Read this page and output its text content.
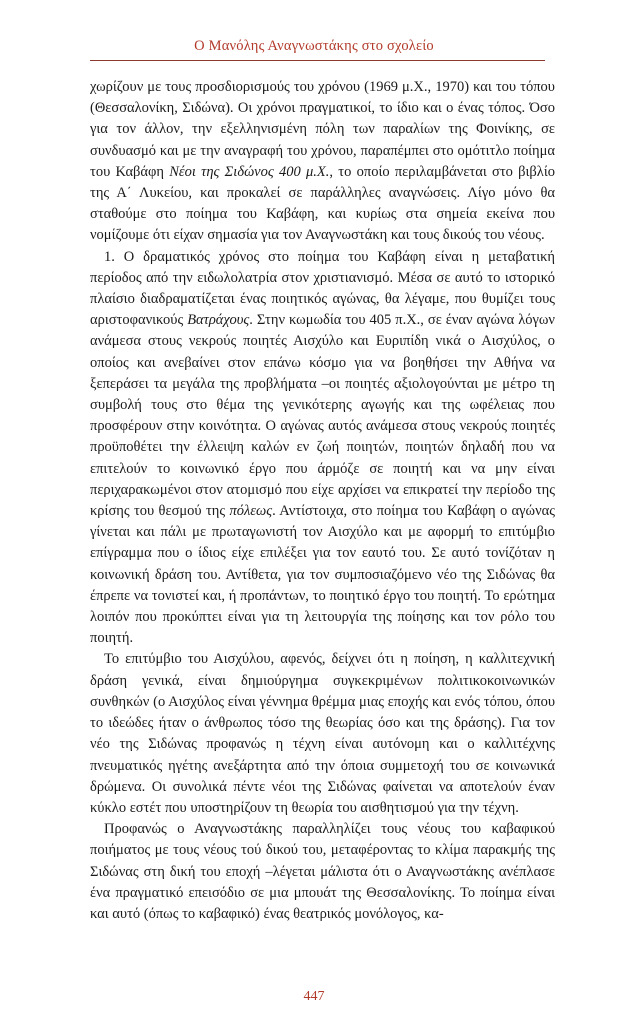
Ο Μανόλης Αναγνωστάκης στο σχολείο

χωρίζουν με τους προσδιορισμούς του χρόνου (1969 μ.Χ., 1970) και του τόπου (Θεσσαλονίκη, Σιδώνα). Οι χρόνοι πραγματικοί, το ίδιο και ο ένας τόπος. Όσο για τον άλλον, την εξελληνισμένη πόλη των παραλίων της Φοινίκης, σε συνδυασμό και με την αναγραφή του χρόνου, παραπέμπει στο ομότιτλο ποίημα του Καβάφη Νέοι της Σιδώνος 400 μ.Χ., το οποίο περιλαμβάνεται στο βιβλίο της Α΄ Λυκείου, και προκαλεί σε παράλληλες αναγνώσεις. Λίγο μόνο θα σταθούμε στο ποίημα του Καβάφη, και κυρίως στα σημεία εκείνα που νομίζουμε ότι είχαν σημασία για τον Αναγνωστάκη και τους δικούς του νέους.

1. Ο δραματικός χρόνος στο ποίημα του Καβάφη είναι η μεταβατική περίοδος από την ειδωλολατρία στον χριστιανισμό. Μέσα σε αυτό το ιστορικό πλαίσιο διαδραματίζεται ένας ποιητικός αγώνας, θα λέγαμε, που θυμίζει τους αριστοφανικούς Βατράχους. Στην κωμωδία του 405 π.Χ., σε έναν αγώνα λόγων ανάμεσα στους νεκρούς ποιητές Αισχύλο και Ευριπίδη νικά ο Αισχύλος, ο οποίος και ανεβαίνει στον επάνω κόσμο για να βοηθήσει την Αθήνα να ξεπεράσει τα μεγάλα της προβλήματα –οι ποιητές αξιολογούνται με μέτρο τη συμβολή τους στο θέμα της γενικότερης αγωγής και της ωφέλειας που προσφέρουν στην κοινότητα. Ο αγώνας αυτός ανάμεσα στους νεκρούς ποιητές προϋποθέτει την έλλειψη καλών εν ζωή ποιητών, ποιητών δηλαδή που να επιτελούν το κοινωνικό έργο που άρμόζε σε ποιητή και να μην είναι περιχαρακωμένοι στον ατομισμό που είχε αρχίσει να επικρατεί την περίοδο της κρίσης του θεσμού της πόλεως. Αντίστοιχα, στο ποίημα του Καβάφη ο αγώνας γίνεται και πάλι με πρωταγωνιστή τον Αισχύλο και με αφορμή το επιτύμβιο επίγραμμα που ο ίδιος είχε επιλέξει για τον εαυτό του. Σε αυτό τονίζόταν η κοινωνική δράση του. Αντίθετα, για τον συμποσιαζόμενο νέο της Σιδώνας θα έπρεπε να τονιστεί και, ή προπάντων, το ποιητικό έργο του ποιητή. Το ερώτημα λοιπόν που προκύπτει είναι για τη λειτουργία της ποίησης και τον ρόλο του ποιητή.

Το επιτύμβιο του Αισχύλου, αφενός, δείχνει ότι η ποίηση, η καλλιτεχνική δράση γενικά, είναι δημιούργημα συγκεκριμένων πολιτικοκοινωνικών συνθηκών (ο Αισχύλος είναι γέννημα θρέμμα μιας εποχής και ενός τόπου, όπου το ιδεώδες ήταν ο άνθρωπος τόσο της θεωρίας όσο και της δράσης). Για τον νέο της Σιδώνας προφανώς η τέχνη είναι αυτόνομη και ο καλλιτέχνης πνευματικός ηγέτης ανεξάρτητα από την όποια συμμετοχή του σε κοινωνικά δρώμενα. Οι συνολικά πέντε νέοι της Σιδώνας φαίνεται να αποτελούν έναν κύκλο εστέτ που υποστηρίζουν τη θεωρία του αισθητισμού για την τέχνη.

Προφανώς ο Αναγνωστάκης παραλληλίζει τους νέους του καβαφικού ποιήματος με τους νέους τού δικού του, μεταφέροντας το κλίμα παρακμής της Σιδώνας στη δική του εποχή –λέγεται μάλιστα ότι ο Αναγνωστάκης ανέπλασε ένα πραγματικό επεισόδιο σε μια μπουάτ της Θεσσαλονίκης. Το ποίημα είναι και αυτό (όπως το καβαφικό) ένας θεατρικός μονόλογος, κα-

447
